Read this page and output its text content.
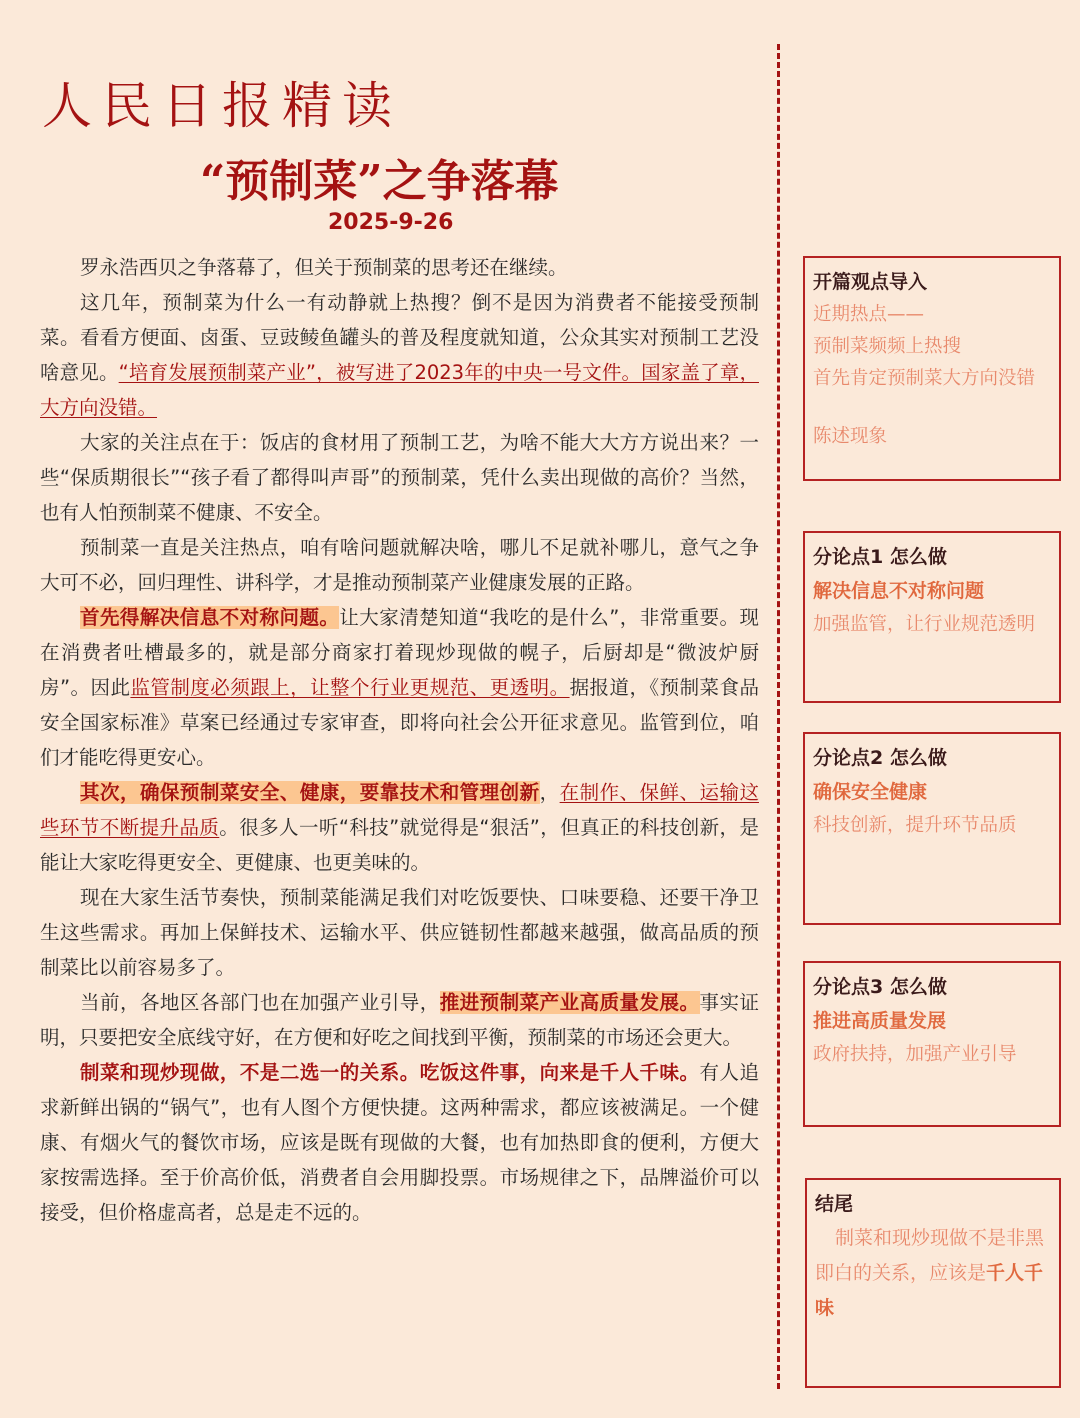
人民日报精读
“预制菜”之争落幕
2025-9-26

罗永浩西贝之争落幕了，但关于预制菜的思考还在继续。

这几年，预制菜为什么一有动静就上热搜？倒不是因为消费者不能接受预制菜。看看方便面、卤蛋、豆豉鲮鱼罐头的普及程度就知道，公众其实对预制工艺没啥意见。“培育发展预制菜产业”，被写进了2023年的中央一号文件。国家盖了章，大方向没错。

大家的关注点在于：饭店的食材用了预制工艺，为啥不能大大方方说出来？一些“保质期很长”“孩子看了都得叫声哥”的预制菜，凭什么卖出现做的高价？当然，也有人怕预制菜不健康、不安全。

预制菜一直是关注热点，咱有啥问题就解决啥，哪儿不足就补哪儿，意气之争大可不必，回归理性、讲科学，才是推动预制菜产业健康发展的正路。

首先得解决信息不对称问题。让大家清楚知道“我吃的是什么”，非常重要。现在消费者吐槽最多的，就是部分商家打着现炒现做的幌子，后厨却是“微波炉厨房”。因此监管制度必须跟上，让整个行业更规范、更透明。据报道，《预制菜食品安全国家标准》草案已经通过专家审查，即将向社会公开征求意见。监管到位，咱们才能吃得更安心。

其次，确保预制菜安全、健康，要靠技术和管理创新，在制作、保鲜、运输这些环节不断提升品质。很多人一听“科技”就觉得是“狠活”，但真正的科技创新，是能让大家吃得更安全、更健康、也更美味的。

现在大家生活节奏快，预制菜能满足我们对吃饭要快、口味要稳、还要干净卫生这些需求。再加上保鲜技术、运输水平、供应链韧性都越来越强，做高品质的预制菜比以前容易多了。

当前，各地区各部门也在加强产业引导，推进预制菜产业高质量发展。事实证明，只要把安全底线守好，在方便和好吃之间找到平衡，预制菜的市场还会更大。

制菜和现炒现做，不是二选一的关系。吃饭这件事，向来是千人千味。有人追求新鲜出锅的“锅气”，也有人图个方便快捷。这两种需求，都应该被满足。一个健康、有烟火气的餐饮市场，应该是既有现做的大餐，也有加热即食的便利，方便大家按需选择。至于价高价低，消费者自会用脚投票。市场规律之下，品牌溢价可以接受，但价格虚高者，总是走不远的。

开篇观点导入
近期热点——
预制菜频频上热搜
首先肯定预制菜大方向没错
陈述现象
分论点1 怎么做
解决信息不对称问题
加强监管，让行业规范透明
分论点2 怎么做
确保安全健康
科技创新，提升环节品质
分论点3 怎么做
推进高质量发展
政府扶持，加强产业引导
结尾
制菜和现炒现做不是非黑即白的关系，应该是千人千味
